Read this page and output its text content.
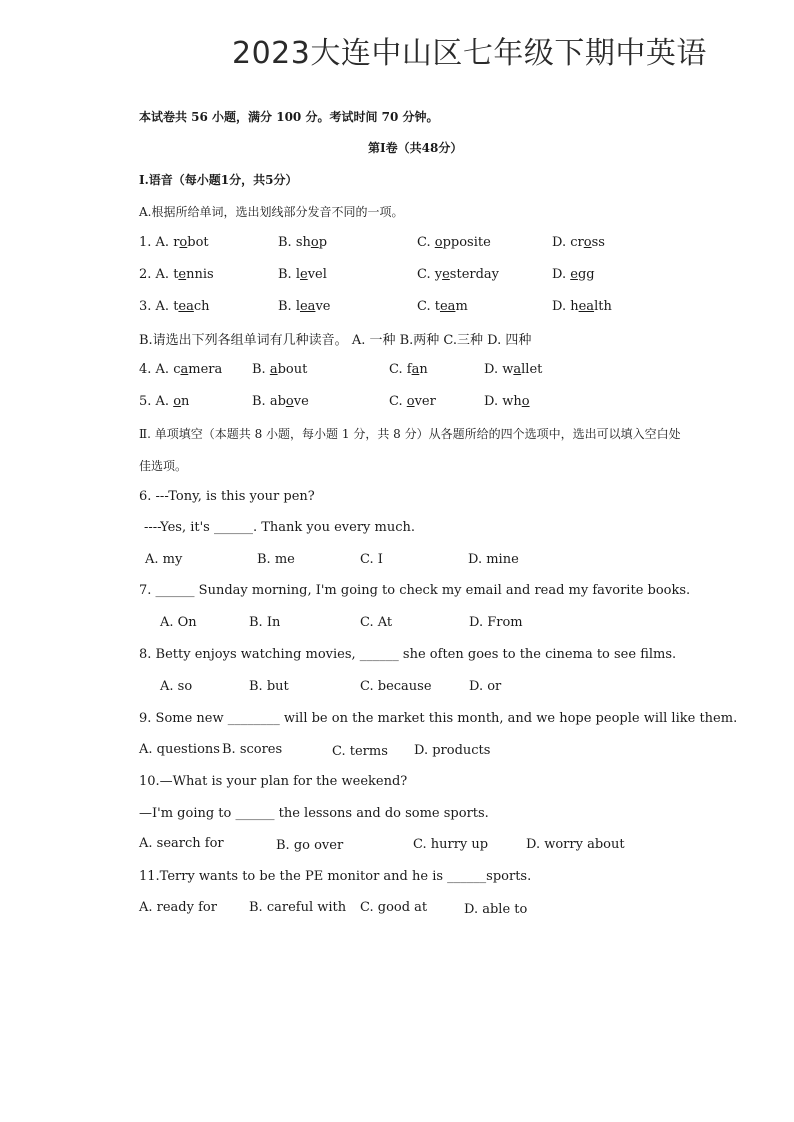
2023大连中山区七年级下期中英语
本试卷共 56 小题，满分 100 分。考试时间 70 分钟。
第Ⅰ卷（共48分）
Ⅰ.语音（每小题1分，共5分）
A.根据所给单词，选出划线部分发音不同的一项。
1. A. robot	B. shop	C. opposite	D. cross
2. A. tennis	B. level	C. yesterday	D. egg
3. A. teach	B. leave	C. team	D. health
B.请选出下列各组单词有几种读音。 A. 一种 B.两种 C.三种 D. 四种
4. A. camera B. about	C. fan	D. wallet
5. A. on	B. above	C. over	D. who
Ⅱ. 单项填空（本题共 8 小题，每小题 1 分，共 8 分）从各题所给的四个选项中，选出可以填入空白处
佳选项。
6. ---Tony, is this your pen?
----Yes, it's ______. Thank you every much.
A. my	B. me	C. I	D. mine
7. ______ Sunday morning, I'm going to check my email and read my favorite books.
A. On	B. In	C. At	D. From
8. Betty enjoys watching movies, ______ she often goes to the cinema to see films.
A. so	B. but	C. because	D. or
9. Some new ________ will be on the market this month, and we hope people will like them.
A. questions B. scores	C. terms D. products
10.—What is your plan for the weekend?
—I'm going to ______ the lessons and do some sports.
A. search for	B. go over	C. hurry up	D. worry about
11.Terry wants to be the PE monitor and he is ______sports.
A. ready for B. careful with C. good at	D. able to
